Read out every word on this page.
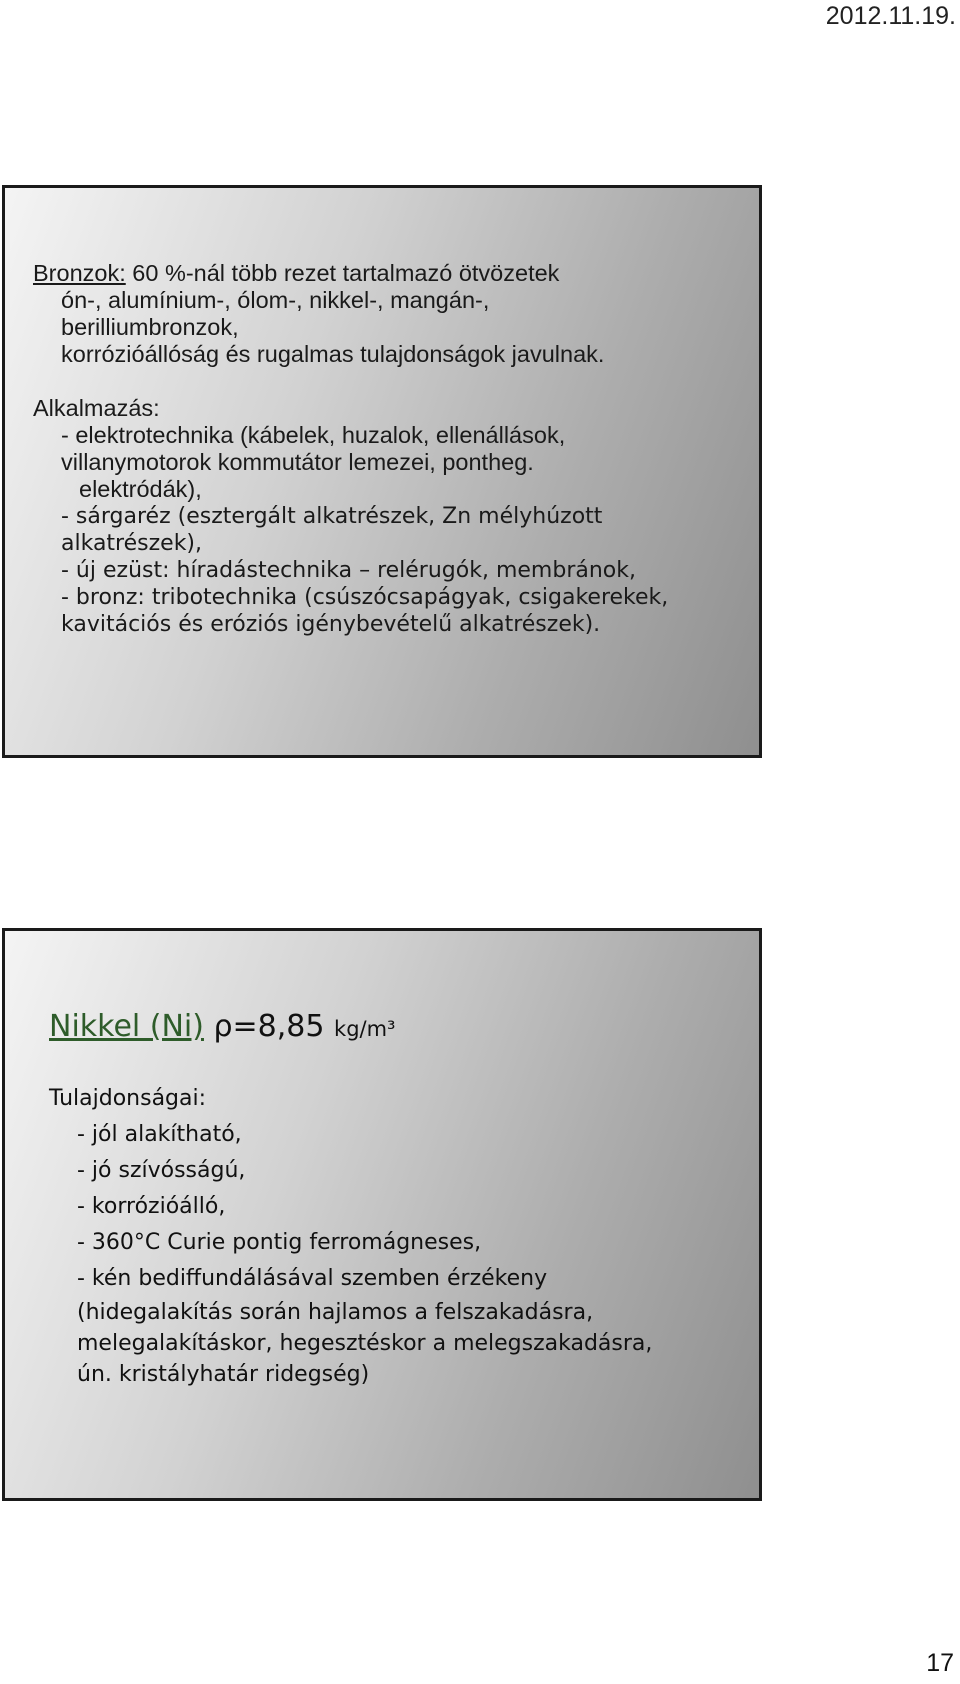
2012.11.19.
Bronzok: 60 %-nál több rezet tartalmazó ötvözetek
ón-, alumínium-, ólom-, nikkel-, mangán-,
berilliumbronzok,
korrózióállóság és rugalmas tulajdonságok javulnak.
Alkalmazás:
- elektrotechnika (kábelek, huzalok, ellenállások,
villanymotorok kommutátor lemezei, pontheg.
elektródák),
- sárgaréz (esztergált alkatrészek, Zn mélyhúzott
alkatrészek),
- új ezüst: híradástechnika – relérugók, membránok,
- bronz: tribotechnika (csúszócsapágyak, csigakerekek,
kavitációs és eróziós igénybevételű alkatrészek).
Nikkel (Ni) ρ=8,85 kg/m³
Tulajdonságai:
- jól alakítható,
- jó szívósságú,
- korrózióálló,
- 360°C Curie pontig ferromágneses,
- kén bediffundálásával szemben érzékeny
(hidegalakítás során hajlamos a felszakadásra,
melegalakításkor, hegesztéskor a melegszakadásra,
ún. kristályhatár ridegség)
17
